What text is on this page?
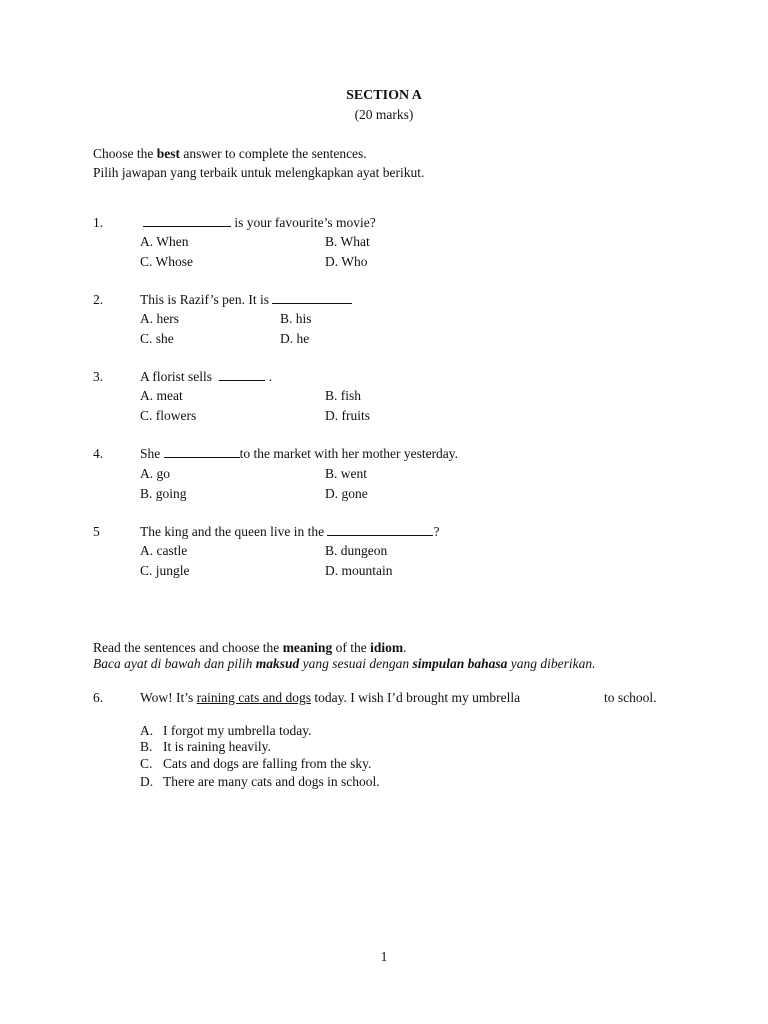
SECTION A
(20 marks)
Choose the best answer to complete the sentences.
Pilih jawapan yang terbaik untuk melengkapkan ayat berikut.
1.	is your favourite’s movie?
A. When	B. What
C. Whose	D. Who
2.	This is Razif’s pen. It is
A. hers	B. his
C. she	D. he
3.	A florist sells	.
A. meat	B. fish
C. flowers	D. fruits
4.	She	to the market with her mother yesterday.
A. go	B. went
B. going	D. gone
5	The king and the queen live in the	?
A. castle	B. dungeon
C. jungle	D. mountain
Read the sentences and choose the meaning of the idiom.
Baca ayat di bawah dan pilih maksud yang sesuai dengan simpulan bahasa yang diberikan.
6.	Wow! It’s raining cats and dogs today. I wish I’d brought my umbrella	to school.
A. I forgot my umbrella today.
B. It is raining heavily.
C. Cats and dogs are falling from the sky.
D. There are many cats and dogs in school.
1
